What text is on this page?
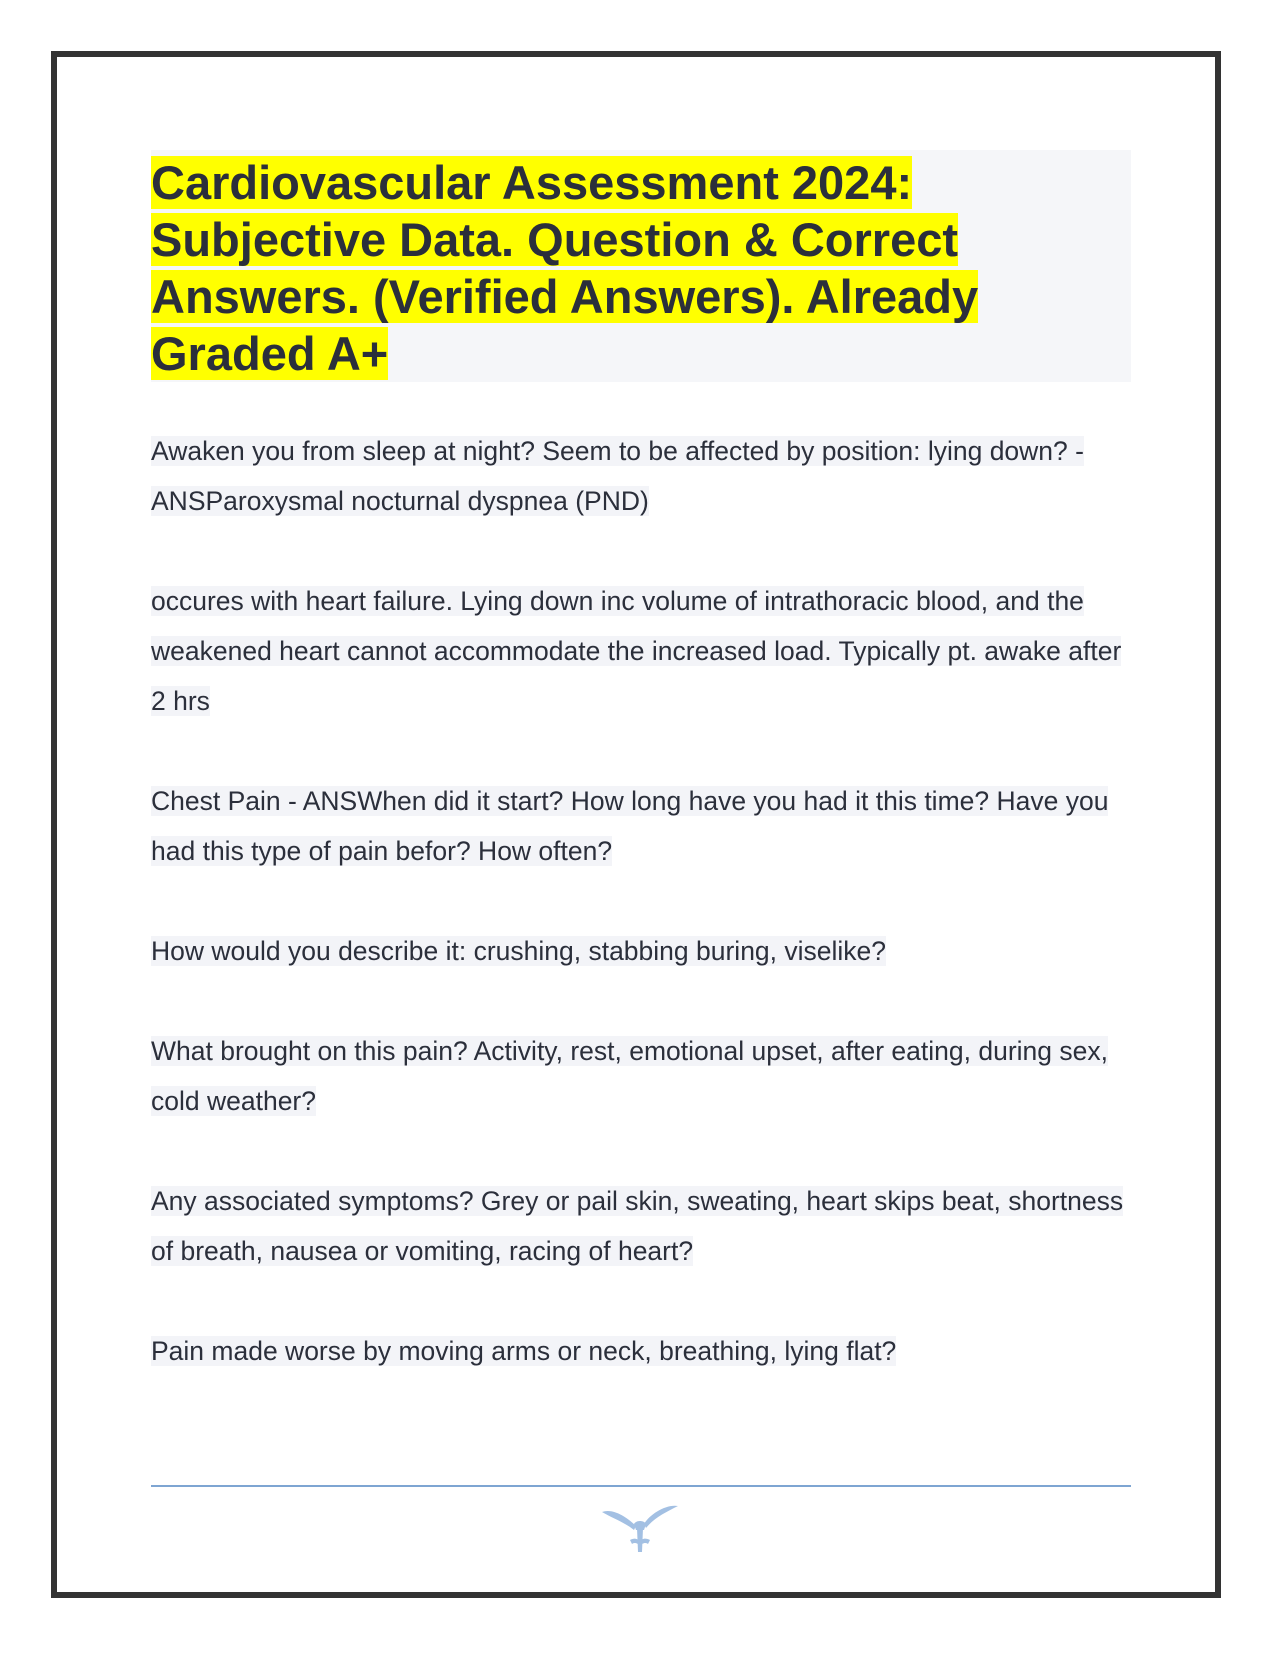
Cardiovascular Assessment 2024: Subjective Data. Question & Correct Answers. (Verified Answers). Already Graded A+

Awaken you from sleep at night? Seem to be affected by position: lying down? - ANSParoxysmal nocturnal dyspnea (PND)

occures with heart failure. Lying down inc volume of intrathoracic blood, and the weakened heart cannot accommodate the increased load. Typically pt. awake after 2 hrs

Chest Pain - ANSWhen did it start? How long have you had it this time? Have you had this type of pain befor? How often?

How would you describe it: crushing, stabbing buring, viselike?

What brought on this pain? Activity, rest, emotional upset, after eating, during sex, cold weather?

Any associated symptoms? Grey or pail skin, sweating, heart skips beat, shortness of breath, nausea or vomiting, racing of heart?

Pain made worse by moving arms or neck, breathing, lying flat?
